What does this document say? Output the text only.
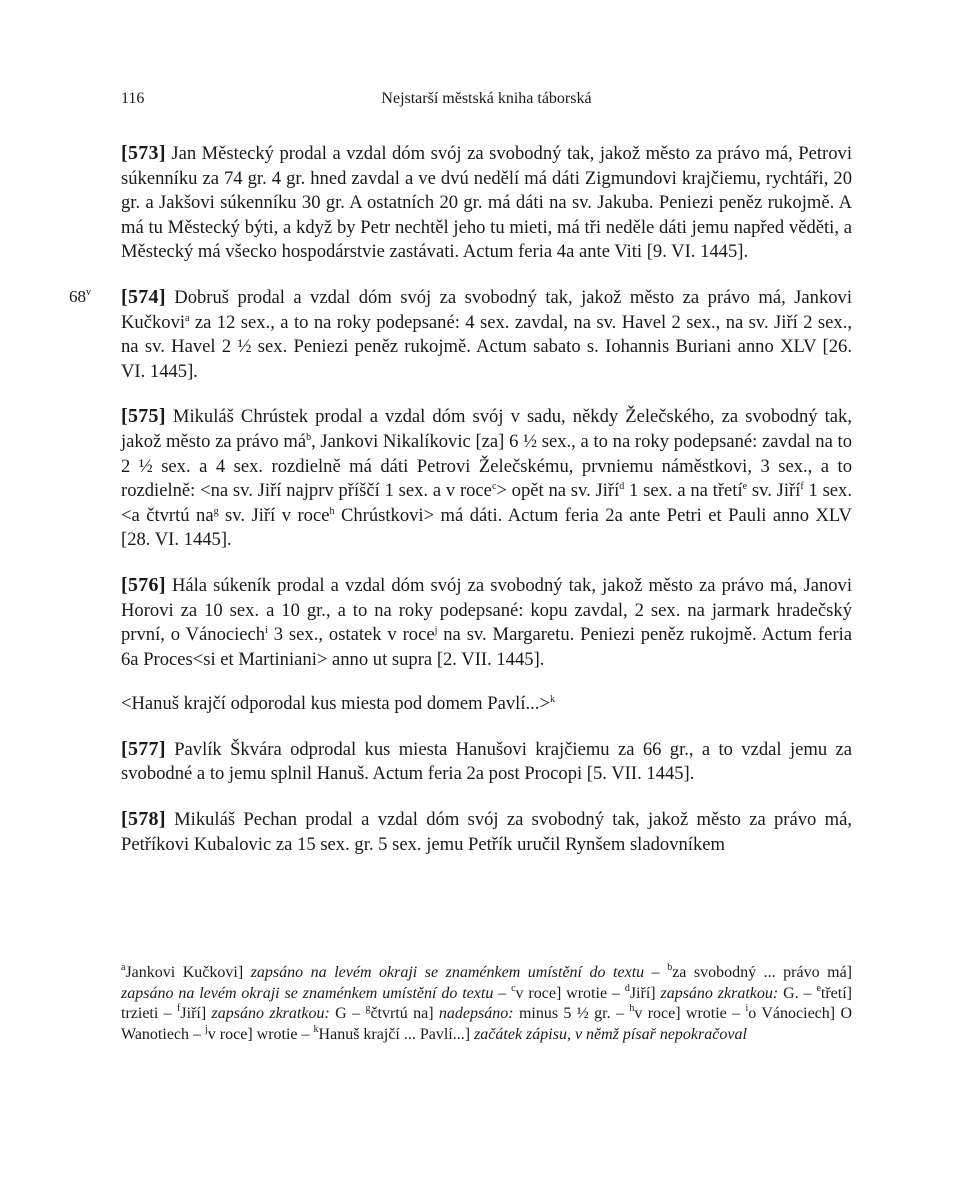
116	Nejstarší městská kniha táborská

[573] Jan Městecký prodal a vzdal dóm svój za svobodný tak, jakož město za právo má, Petrovi súkenníku za 74 gr. 4 gr. hned zavdal a ve dvú nedělí má dáti Zigmundovi krajčiemu, rychtáři, 20 gr. a Jakšovi súkenníku 30 gr. A ostatních 20 gr. má dáti na sv. Jakuba. Peniezi peněz rukojmě. A má tu Městecký býti, a když by Petr nechtěl jeho tu mieti, má tři neděle dáti jemu napřed věděti, a Městecký má všecko hospodárstvie zastávati. Actum feria 4a ante Viti [9. VI. 1445].

68$^v$ [574] Dobruš prodal a vzdal dóm svój za svobodný tak, jakož město za právo má, Jankovi Kučkovi$^a$ za 12 sex., a to na roky podepsané: 4 sex. zavdal, na sv. Havel 2 sex., na sv. Jiří 2 sex., na sv. Havel 2 ½ sex. Peniezi peněz rukojmě. Actum sabato s. Iohannis Buriani anno XLV [26. VI. 1445].

[575] Mikuláš Chrústek prodal a vzdal dóm svój v sadu, někdy Želečského, za svobodný tak, jakož město za právo $má^b$, Jankovi Nikalíkovic [za] 6 ½ sex., a to na roky podepsané: zavdal na to 2 ½ sex. a 4 sex. rozdielně má dáti Petrovi Želečskému, prvniemu náměstkovi, 3 sex., a to rozdielně: <na sv. Jiří najprv příščí 1 sex. a v roce$^c$> opět na sv. Jiří$^d$ 1 sex. a na třetí$^e$ sv. Jiří$^f$ 1 sex. <a čtvrtú $na^g$ sv. Jiří v roce$^h$ Chrústkovi> má dáti. Actum feria 2a ante Petri et Pauli anno XLV [28. VI. 1445].

[576] Hála súkeník prodal a vzdal dóm svój za svobodný tak, jakož město za právo má, Janovi Horovi za 10 sex. a 10 gr., a to na roky podepsané: kopu zavdal, 2 sex. na jarmark hradečský první, o Vánociech$^i$ 3 sex., ostatek v roce$^j$ na sv. Margaretu. Peniezi peněz rukojmě. Actum feria 6a Proces<si et Martiniani> anno ut supra [2. VII. 1445].

<Hanuš krajčí odporodal kus miesta pod domem Pavlí...>$^k$

[577] Pavlík Škvára odprodal kus miesta Hanušovi krajčiemu za 66 gr., a to vzdal jemu za svobodné a to jemu splnil Hanuš. Actum feria 2a post Procopi [5. VII. 1445].

[578] Mikuláš Pechan prodal a vzdal dóm svój za svobodný tak, jakož město za právo má, Petříkovi Kubalovic za 15 sex. gr. 5 sex. jemu Petřík uručil Rynšem sladovníkem

$^a$Jankovi Kučkovi] zapsáno na levém okraji se znaménkem umístění do textu – $^b$za svobodný ... právo má] zapsáno na levém okraji se znaménkem umístění do textu – $^c$v roce] wrotie – $^d$Jiří] zapsáno zkratkou: G. – $^e$třetí] trzieti – $^f$Jiří] zapsáno zkratkou: G – $^g$čtvrtú na] nadepsáno: minus 5 ½ gr. – $^h$v roce] wrotie – $^i$o Vánociech] O Wanotiech – $^j$v roce] wrotie – $^k$Hanuš krajčí ... Pavlí...] začátek zápisu, v němž písař nepokračoval
